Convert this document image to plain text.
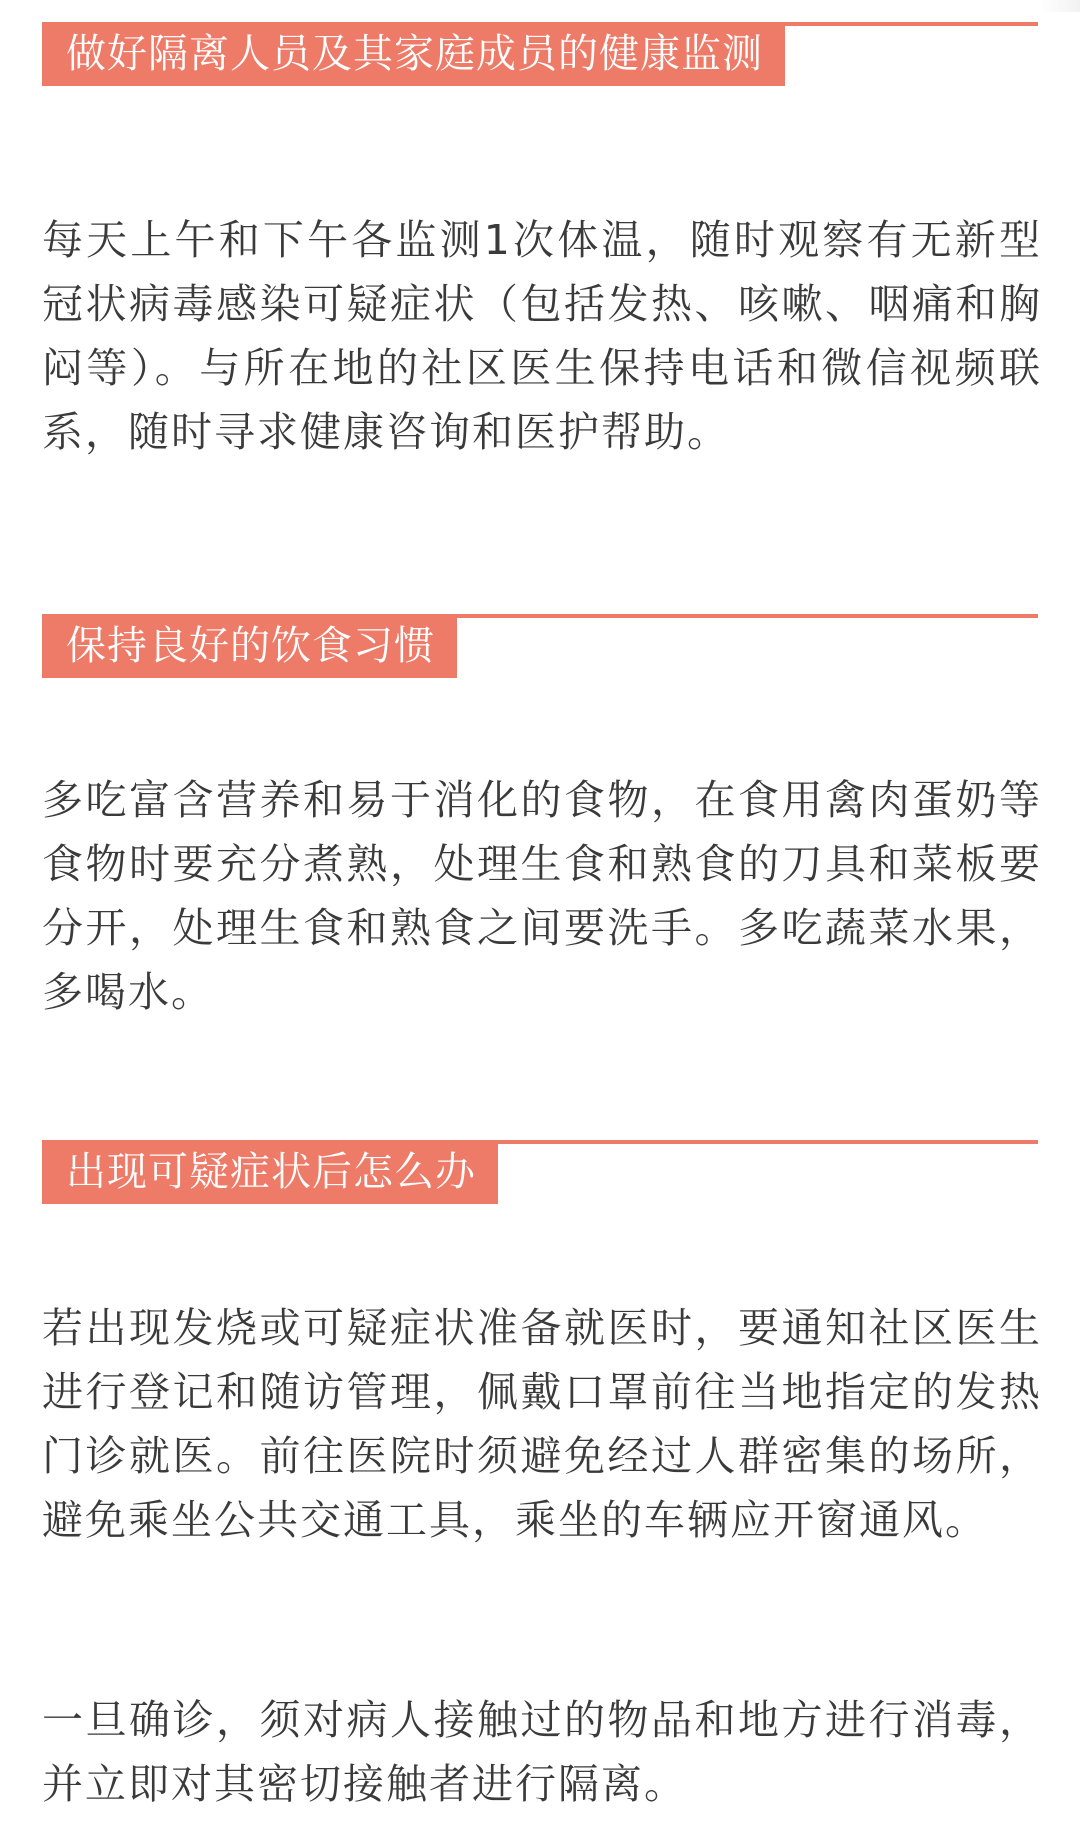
做好隔离人员及其家庭成员的健康监测

每天上午和下午各监测1次体温，随时观察有无新型冠状病毒感染可疑症状（包括发热、咳嗽、咽痛和胸闷等）。与所在地的社区医生保持电话和微信视频联系，随时寻求健康咨询和医护帮助。

保持良好的饮食习惯

多吃富含营养和易于消化的食物，在食用禽肉蛋奶等食物时要充分煮熟，处理生食和熟食的刀具和菜板要分开，处理生食和熟食之间要洗手。多吃蔬菜水果，多喝水。

出现可疑症状后怎么办

若出现发烧或可疑症状准备就医时，要通知社区医生进行登记和随访管理，佩戴口罩前往当地指定的发热门诊就医。前往医院时须避免经过人群密集的场所，避免乘坐公共交通工具，乘坐的车辆应开窗通风。

一旦确诊，须对病人接触过的物品和地方进行消毒，并立即对其密切接触者进行隔离。
